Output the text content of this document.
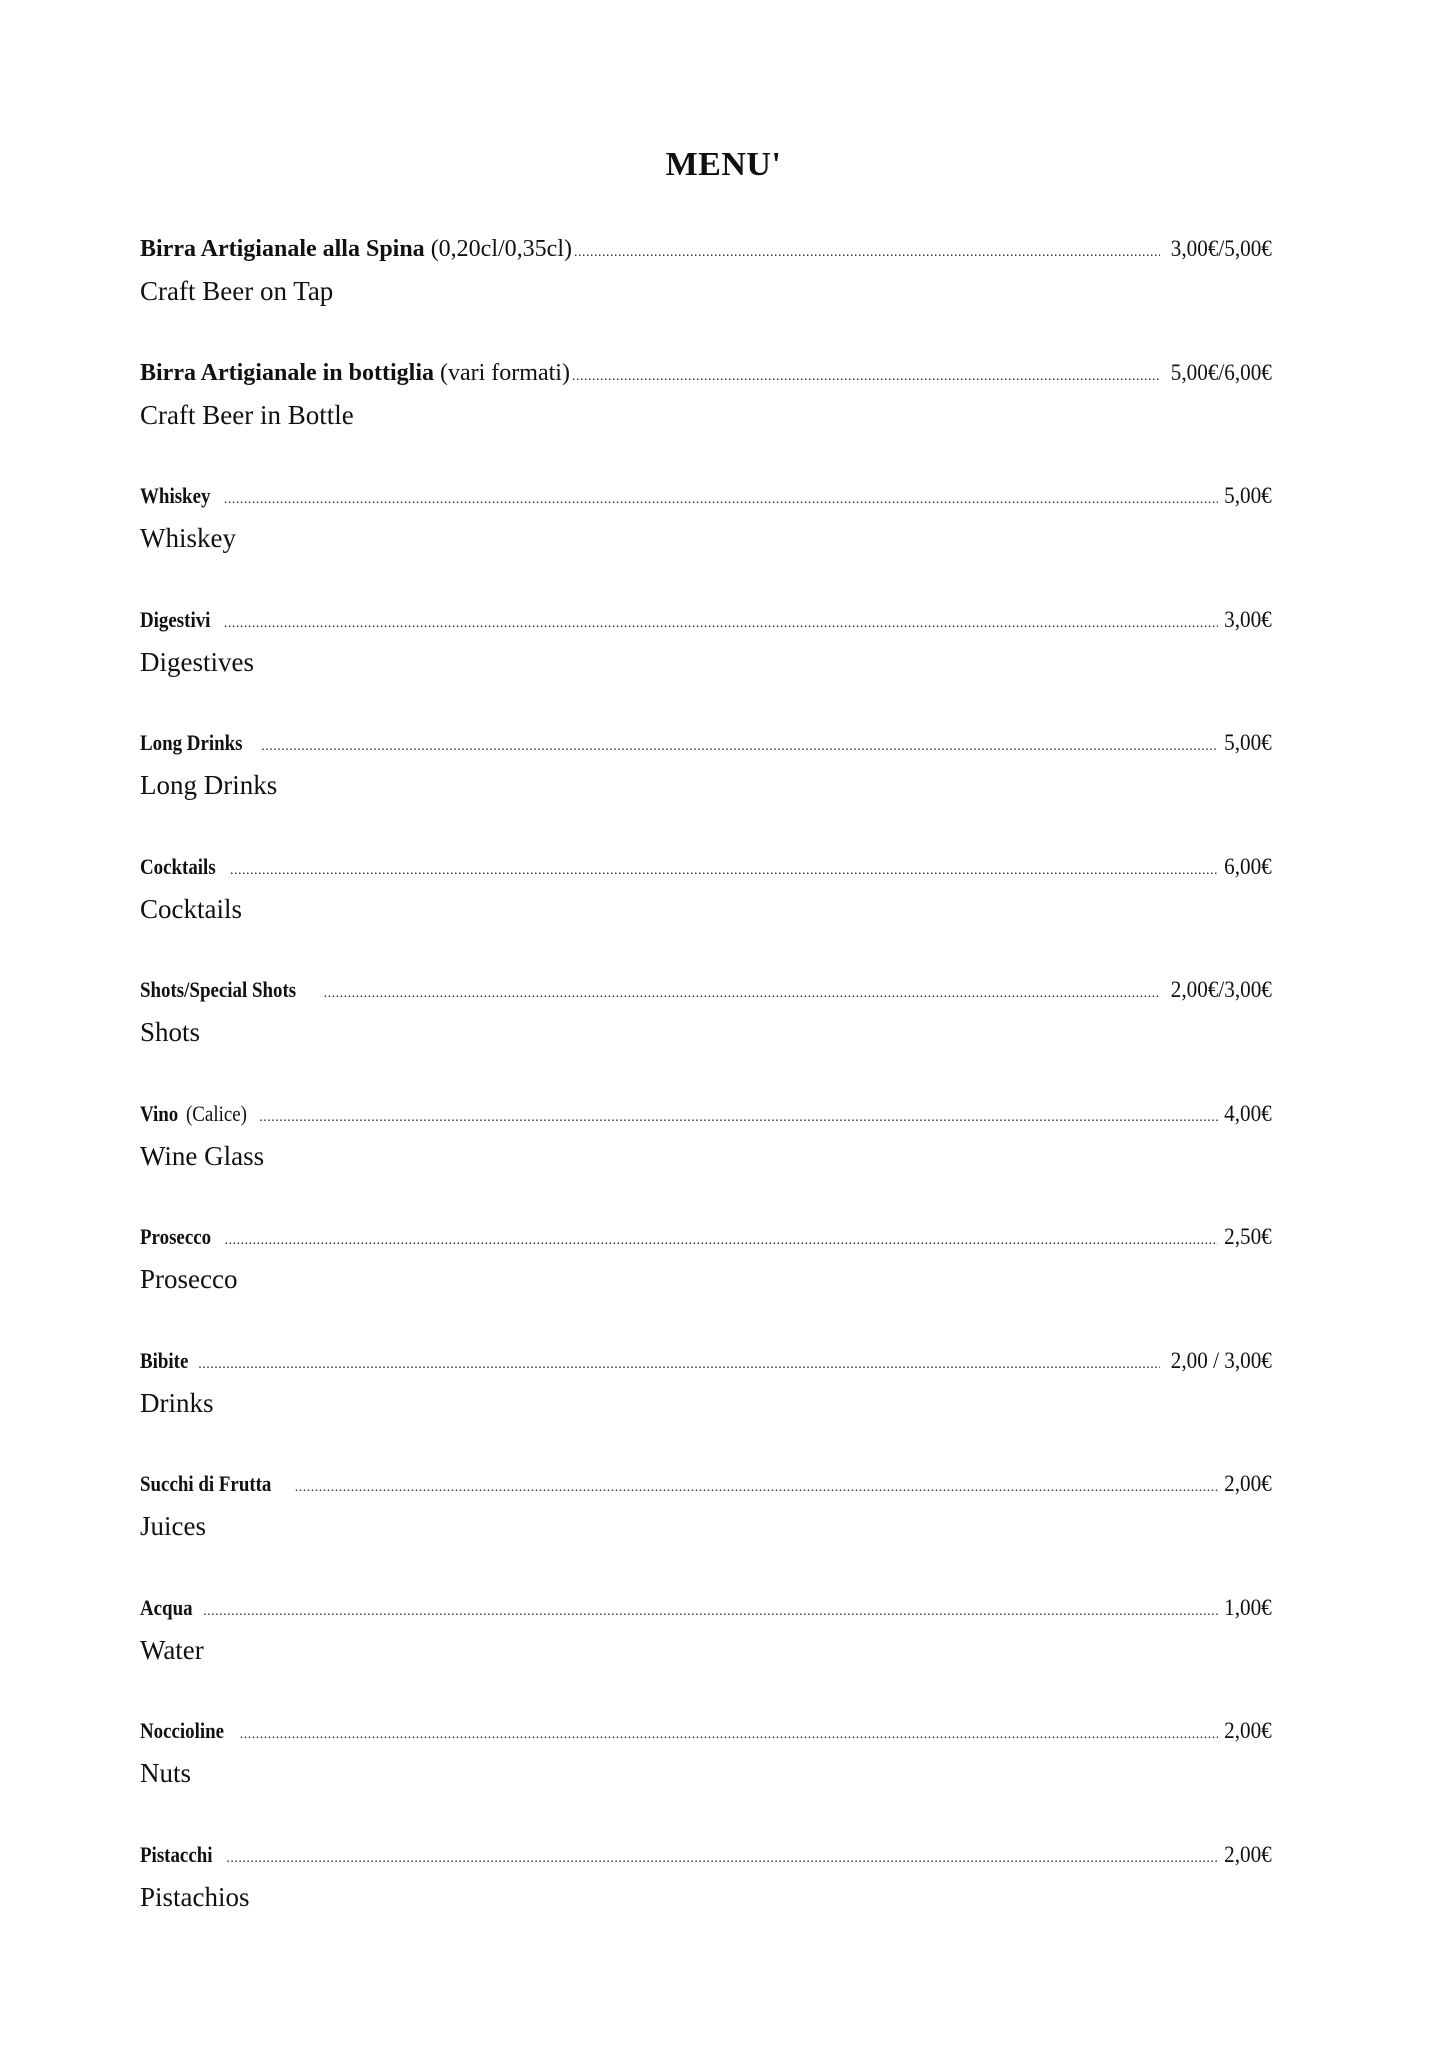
MENU'
Birra Artigianale alla Spina (0,20cl/0,35cl) .....	3,00€/5,00€
Craft Beer on Tap
Birra Artigianale in bottiglia (vari formati) .....	5,00€/6,00€
Craft Beer in Bottle
Whiskey .....	5,00€
Whiskey
Digestivi .....	3,00€
Digestives
Long Drinks .....	5,00€
Long Drinks
Cocktails .....	6,00€
Cocktails
Shots/Special Shots .....	2,00€/3,00€
Shots
Vino (Calice) .....	4,00€
Wine Glass
Prosecco .....	2,50€
Prosecco
Bibite .....	2,00 / 3,00€
Drinks
Succhi di Frutta .....	2,00€
Juices
Acqua .....	1,00€
Water
Noccioline .....	2,00€
Nuts
Pistacchi .....	2,00€
Pistachios
